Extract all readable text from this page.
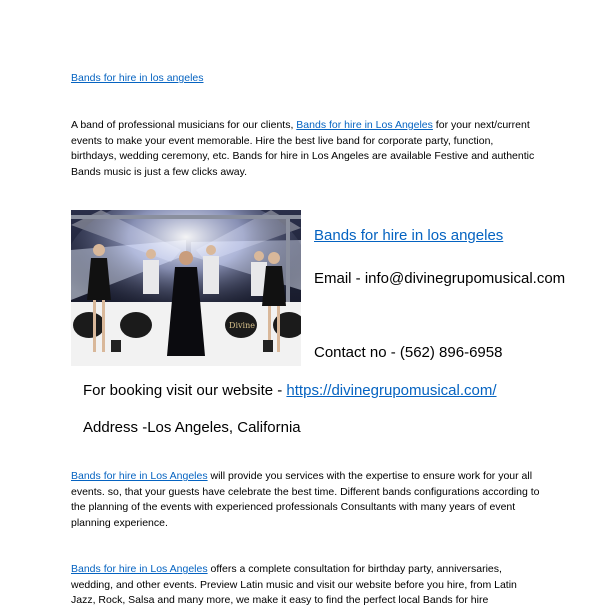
Bands for hire in los angeles
A band of professional musicians for our clients, Bands for hire in Los Angeles for your next/current events to make your event memorable. Hire the best live band for corporate party, function, birthdays, wedding ceremony, etc. Bands for hire in Los Angeles are available Festive and authentic Bands music is just a few clicks away.
Divine
Bands for hire in los angeles
Email - info@divinegrupomusical.com
Contact no - (562) 896-6958
For booking visit our website - https://divinegrupomusical.com/
Address -Los Angeles, California
Bands for hire in Los Angeles will provide you services with the expertise to ensure work for your all events. so, that your guests have celebrate the best time. Different bands configurations according to the planning of the events with experienced professionals Consultants with many years of event planning experience.
Bands for hire in Los Angeles offers a complete consultation for birthday party, anniversaries, wedding, and other events. Preview Latin music and visit our website before you hire, from Latin Jazz, Rock, Salsa and many more, we make it easy to find the perfect local Bands for hire
